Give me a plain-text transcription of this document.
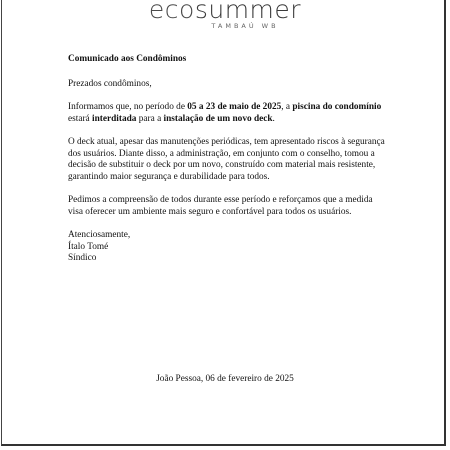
ecosummer
TAMBAÚ WB
Comunicado aos Condôminos

Prezados condôminos,

Informamos que, no período de 05 a 23 de maio de 2025, a piscina do condomínio estará interditada para a instalação de um novo deck.

O deck atual, apesar das manutenções periódicas, tem apresentado riscos à segurança dos usuários. Diante disso, a administração, em conjunto com o conselho, tomou a decisão de substituir o deck por um novo, construído com material mais resistente, garantindo maior segurança e durabilidade para todos.

Pedimos a compreensão de todos durante esse período e reforçamos que a medida visa oferecer um ambiente mais seguro e confortável para todos os usuários.

Atenciosamente,

Ítalo Tomé

Síndico

João Pessoa, 06 de fevereiro de 2025
